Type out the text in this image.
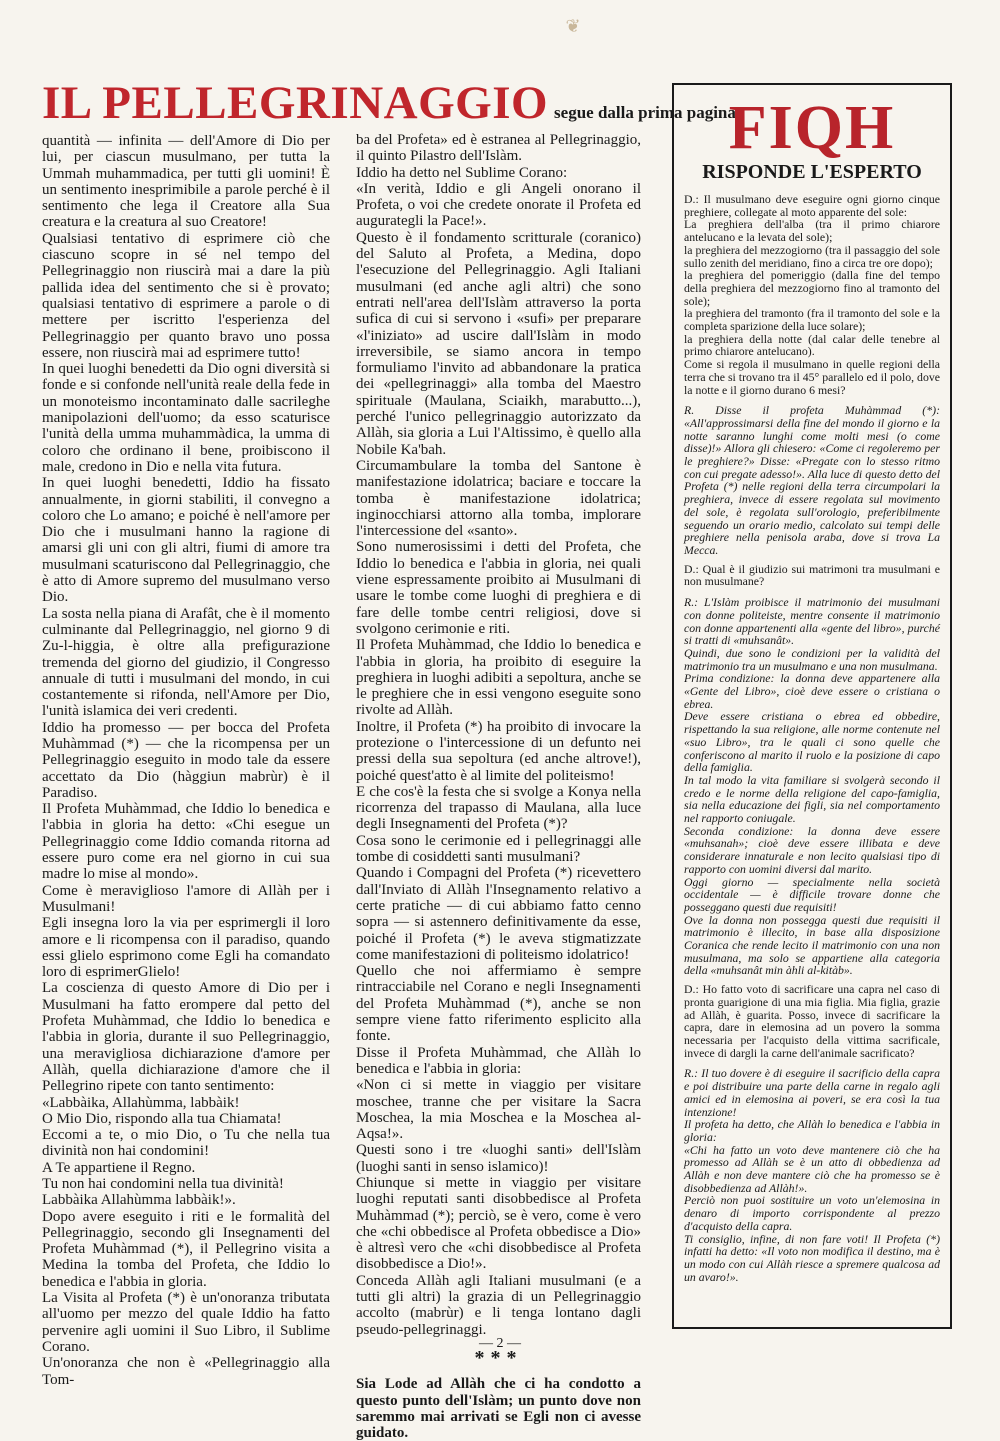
❦
IL PELLEGRINAGGIO segue dalla prima pagina

quantità — infinita — dell'Amore di Dio per lui, per ciascun musulmano, per tutta la Ummah muhammadica, per tutti gli uomini! È un sentimento inesprimibile a parole perché è il sentimento che lega il Creatore alla Sua creatura e la creatura al suo Creatore!

Qualsiasi tentativo di esprimere ciò che ciascuno scopre in sé nel tempo del Pellegrinaggio non riuscirà mai a dare la più pallida idea del sentimento che si è provato; qualsiasi tentativo di esprimere a parole o di mettere per iscritto l'esperienza del Pellegrinaggio per quanto bravo uno possa essere, non riuscirà mai ad esprimere tutto!

In quei luoghi benedetti da Dio ogni diversità si fonde e si confonde nell'unità reale della fede in un monoteismo incontaminato dalle sacrileghe manipolazioni dell'uomo; da esso scaturisce l'unità della umma muhammàdica, la umma di coloro che ordinano il bene, proibiscono il male, credono in Dio e nella vita futura.

In quei luoghi benedetti, Iddio ha fissato annualmente, in giorni stabiliti, il convegno a coloro che Lo amano; e poiché è nell'amore per Dio che i musulmani hanno la ragione di amarsi gli uni con gli altri, fiumi di amore tra musulmani scaturiscono dal Pellegrinaggio, che è atto di Amore supremo del musulmano verso Dio.

La sosta nella piana di Arafât, che è il momento culminante dal Pellegrinaggio, nel giorno 9 di Zu-l-higgia, è oltre alla prefigurazione tremenda del giorno del giudizio, il Congresso annuale di tutti i musulmani del mondo, in cui costantemente si rifonda, nell'Amore per Dio, l'unità islamica dei veri credenti.

Iddio ha promesso — per bocca del Profeta Muhàmmad (*) — che la ricompensa per un Pellegrinaggio eseguito in modo tale da essere accettato da Dio (hàggiun mabrùr) è il Paradiso.

Il Profeta Muhàmmad, che Iddio lo benedica e l'abbia in gloria ha detto: «Chi esegue un Pellegrinaggio come Iddio comanda ritorna ad essere puro come era nel giorno in cui sua madre lo mise al mondo».

Come è meraviglioso l'amore di Allàh per i Musulmani!

Egli insegna loro la via per esprimergli il loro amore e li ricompensa con il paradiso, quando essi glielo esprimono come Egli ha comandato loro di esprimerGlielo!

La coscienza di questo Amore di Dio per i Musulmani ha fatto erompere dal petto del Profeta Muhàmmad, che Iddio lo benedica e l'abbia in gloria, durante il suo Pellegrinaggio, una meravigliosa dichiarazione d'amore per Allàh, quella dichiarazione d'amore che il Pellegrino ripete con tanto sentimento:

«Labbàika, Allahùmma, labbàik!

O Mio Dio, rispondo alla tua Chiamata!

Eccomi a te, o mio Dio, o Tu che nella tua divinità non hai condomini!

A Te appartiene il Regno.

Tu non hai condomini nella tua divinità!

Labbàika Allahùmma labbàik!».

Dopo avere eseguito i riti e le formalità del Pellegrinaggio, secondo gli Insegnamenti del Profeta Muhàmmad (*), il Pellegrino visita a Medina la tomba del Profeta, che Iddio lo benedica e l'abbia in gloria.

La Visita al Profeta (*) è un'onoranza tributata all'uomo per mezzo del quale Iddio ha fatto pervenire agli uomini il Suo Libro, il Sublime Corano.

Un'onoranza che non è «Pellegrinaggio alla Tom-

ba del Profeta» ed è estranea al Pellegrinaggio, il quinto Pilastro dell'Islàm.

Iddio ha detto nel Sublime Corano:

«In verità, Iddio e gli Angeli onorano il Profeta, o voi che credete onorate il Profeta ed augurategli la Pace!».

Questo è il fondamento scritturale (coranico) del Saluto al Profeta, a Medina, dopo l'esecuzione del Pellegrinaggio. Agli Italiani musulmani (ed anche agli altri) che sono entrati nell'area dell'Islàm attraverso la porta sufica di cui si servono i «sufi» per preparare «l'iniziato» ad uscire dall'Islàm in modo irreversibile, se siamo ancora in tempo formuliamo l'invito ad abbandonare la pratica dei «pellegrinaggi» alla tomba del Maestro spirituale (Maulana, Sciaikh, marabutto...), perché l'unico pellegrinaggio autorizzato da Allàh, sia gloria a Lui l'Altissimo, è quello alla Nobile Ka'bah.

Circumambulare la tomba del Santone è manifestazione idolatrica; baciare e toccare la tomba è manifestazione idolatrica; inginocchiarsi attorno alla tomba, implorare l'intercessione del «santo».

Sono numerosissimi i detti del Profeta, che Iddio lo benedica e l'abbia in gloria, nei quali viene espressamente proibito ai Musulmani di usare le tombe come luoghi di preghiera e di fare delle tombe centri religiosi, dove si svolgono cerimonie e riti.

Il Profeta Muhàmmad, che Iddio lo benedica e l'abbia in gloria, ha proibito di eseguire la preghiera in luoghi adibiti a sepoltura, anche se le preghiere che in essi vengono eseguite sono rivolte ad Allàh.

Inoltre, il Profeta (*) ha proibito di invocare la protezione o l'intercessione di un defunto nei pressi della sua sepoltura (ed anche altrove!), poiché quest'atto è al limite del politeismo!

E che cos'è la festa che si svolge a Konya nella ricorrenza del trapasso di Maulana, alla luce degli Insegnamenti del Profeta (*)?

Cosa sono le cerimonie ed i pellegrinaggi alle tombe di cosiddetti santi musulmani?

Quando i Compagni del Profeta (*) ricevettero dall'Inviato di Allàh l'Insegnamento relativo a certe pratiche — di cui abbiamo fatto cenno sopra — si astennero definitivamente da esse, poiché il Profeta (*) le aveva stigmatizzate come manifestazioni di politeismo idolatrico!

Quello che noi affermiamo è sempre rintracciabile nel Corano e negli Insegnamenti del Profeta Muhàmmad (*), anche se non sempre viene fatto riferimento esplicito alla fonte.

Disse il Profeta Muhàmmad, che Allàh lo benedica e l'abbia in gloria:

«Non ci si mette in viaggio per visitare moschee, tranne che per visitare la Sacra Moschea, la mia Moschea e la Moschea al-Aqsa!».

Questi sono i tre «luoghi santi» dell'Islàm (luoghi santi in senso islamico)!

Chiunque si mette in viaggio per visitare luoghi reputati santi disobbedisce al Profeta Muhàmmad (*); perciò, se è vero, come è vero che «chi obbedisce al Profeta obbedisce a Dio» è altresì vero che «chi disobbedisce al Profeta disobbedisce a Dio!».

Conceda Allàh agli Italiani musulmani (e a tutti gli altri) la grazia di un Pellegrinaggio accolto (mabrùr) e li tenga lontano dagli pseudo-pellegrinaggi.

***

Sia Lode ad Allàh che ci ha condotto a questo punto dell'Islàm; un punto dove non saremmo mai arrivati se Egli non ci avesse guidato.

FIQH
RISPONDE L'ESPERTO

D.: Il musulmano deve eseguire ogni giorno cinque preghiere, collegate al moto apparente del sole:

La preghiera dell'alba (tra il primo chiarore antelucano e la levata del sole);

la preghiera del mezzogiorno (tra il passaggio del sole sullo zenith del meridiano, fino a circa tre ore dopo);

la preghiera del pomeriggio (dalla fine del tempo della preghiera del mezzogiorno fino al tramonto del sole);

la preghiera del tramonto (fra il tramonto del sole e la completa sparizione della luce solare);

la preghiera della notte (dal calar delle tenebre al primo chiarore antelucano).

Come si regola il musulmano in quelle regioni della terra che si trovano tra il 45° parallelo ed il polo, dove la notte e il giorno durano 6 mesi?

R. Disse il profeta Muhàmmad (*): «All'approssimarsi della fine del mondo il giorno e la notte saranno lunghi come molti mesi (o come disse)!» Allora gli chiesero: «Come ci regoleremo per le preghiere?» Disse: «Pregate con lo stesso ritmo con cui pregate adesso!». Alla luce di questo detto del Profeta (*) nelle regioni della terra circumpolari la preghiera, invece di essere regolata sul movimento del sole, è regolata sull'orologio, preferibilmente seguendo un orario medio, calcolato sui tempi delle preghiere nella penisola araba, dove si trova La Mecca.

D.: Qual è il giudizio sui matrimoni tra musulmani e non musulmane?

R.: L'Islàm proibisce il matrimonio dei musulmani con donne politeiste, mentre consente il matrimonio con donne appartenenti alla «gente del libro», purché si tratti di «muhsanât».

Quindi, due sono le condizioni per la validità del matrimonio tra un musulmano e una non musulmana.

Prima condizione: la donna deve appartenere alla «Gente del Libro», cioè deve essere o cristiana o ebrea.

Deve essere cristiana o ebrea ed obbedire, rispettando la sua religione, alle norme contenute nel «suo Libro», tra le quali ci sono quelle che conferiscono al marito il ruolo e la posizione di capo della famiglia.

In tal modo la vita familiare si svolgerà secondo il credo e le norme della religione del capo-famiglia, sia nella educazione dei figli, sia nel comportamento nel rapporto coniugale.

Seconda condizione: la donna deve essere «muhsanah»; cioè deve essere illibata e deve considerare innaturale e non lecito qualsiasi tipo di rapporto con uomini diversi dal marito.

Oggi giorno — specialmente nella società occidentale — è difficile trovare donne che posseggano questi due requisiti!

Ove la donna non possegga questi due requisiti il matrimonio è illecito, in base alla disposizione Coranica che rende lecito il matrimonio con una non musulmana, ma solo se appartiene alla categoria della «muhsanât min àhli al-kitàb».

D.: Ho fatto voto di sacrificare una capra nel caso di pronta guarigione di una mia figlia. Mia figlia, grazie ad Allàh, è guarita. Posso, invece di sacrificare la capra, dare in elemosina ad un povero la somma necessaria per l'acquisto della vittima sacrificale, invece di dargli la carne dell'animale sacrificato?

R.: Il tuo dovere è di eseguire il sacrificio della capra e poi distribuire una parte della carne in regalo agli amici ed in elemosina ai poveri, se era così la tua intenzione!

Il profeta ha detto, che Allàh lo benedica e l'abbia in gloria:

«Chi ha fatto un voto deve mantenere ciò che ha promesso ad Allàh se è un atto di obbedienza ad Allàh e non deve mantere ciò che ha promesso se è disobbedienza ad Allàh!».

Perciò non puoi sostituire un voto un'elemosina in denaro di importo corrispondente al prezzo d'acquisto della capra.

Ti consiglio, infine, di non fare voti! Il Profeta (*) infatti ha detto: «Il voto non modifica il destino, ma è un modo con cui Allàh riesce a spremere qualcosa ad un avaro!».

— 2 —
